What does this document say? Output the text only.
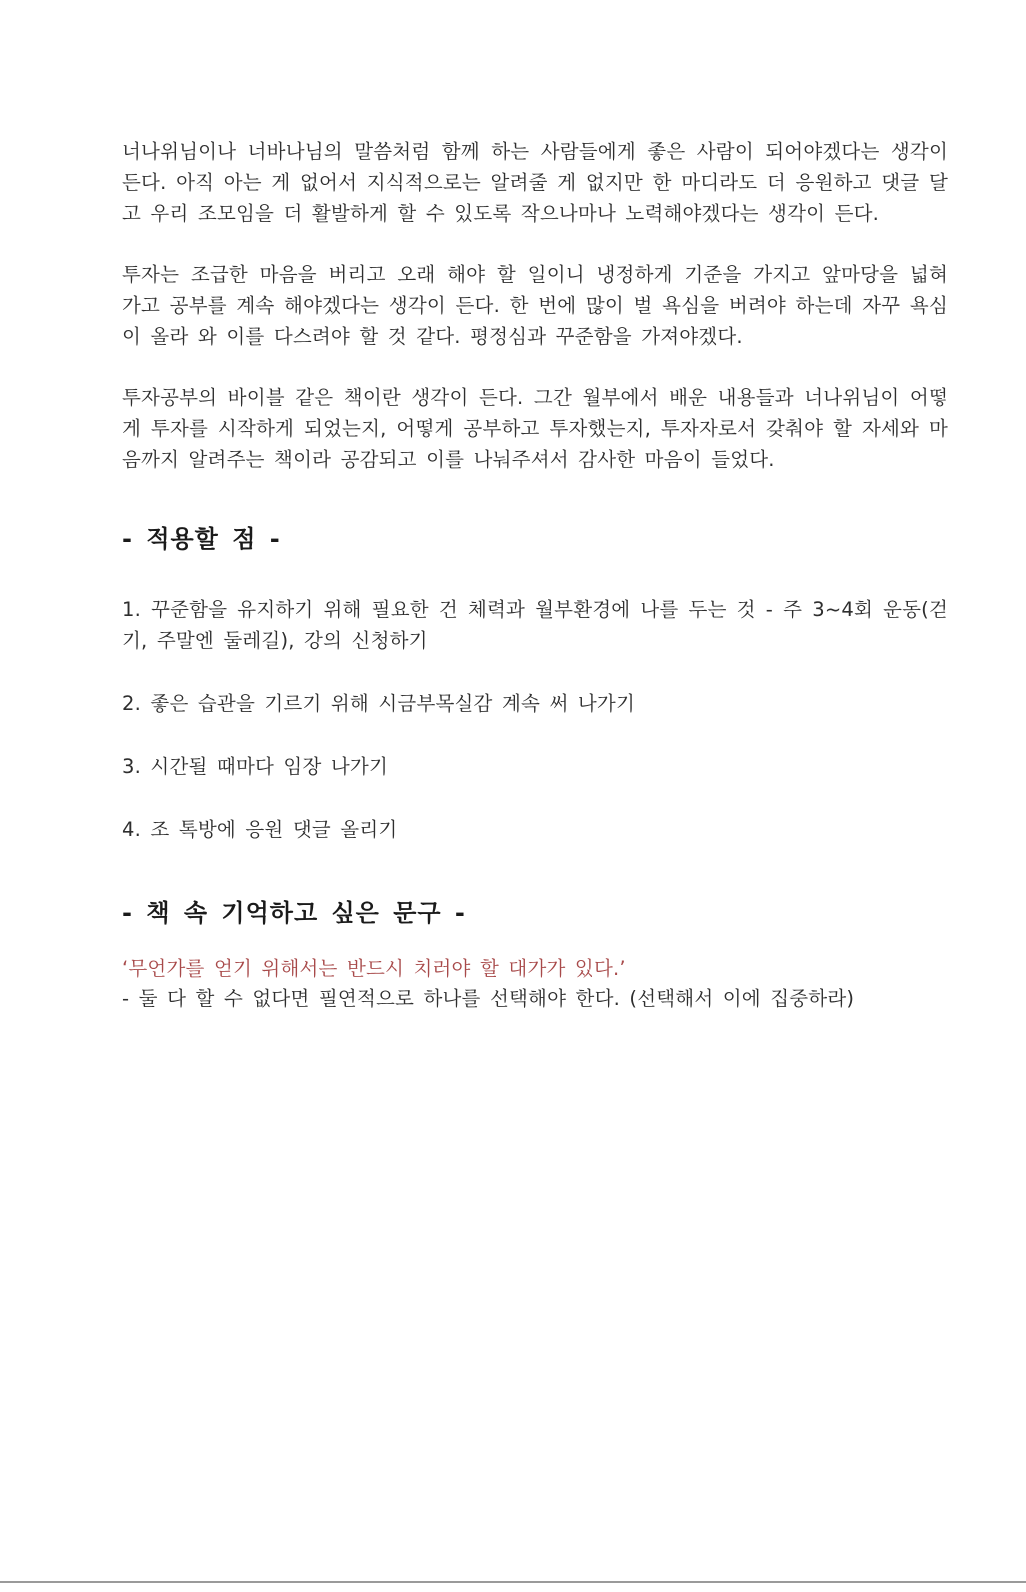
너나위님이나 너바나님의 말씀처럼 함께 하는 사람들에게 좋은 사람이 되어야겠다는 생각이 든다. 아직 아는 게 없어서 지식적으로는 알려줄 게 없지만 한 마디라도 더 응원하고 댓글 달고 우리 조모임을 더 활발하게 할 수 있도록 작으나마나 노력해야겠다는 생각이 든다.

투자는 조급한 마음을 버리고 오래 해야 할 일이니 냉정하게 기준을 가지고 앞마당을 넓혀 가고 공부를 계속 해야겠다는 생각이 든다. 한 번에 많이 벌 욕심을 버려야 하는데 자꾸 욕심이 올라 와 이를 다스려야 할 것 같다. 평정심과 꾸준함을 가져야겠다.

투자공부의 바이블 같은 책이란 생각이 든다. 그간 월부에서 배운 내용들과 너나위님이 어떻게 투자를 시작하게 되었는지, 어떻게 공부하고 투자했는지, 투자자로서 갖춰야 할 자세와 마음까지 알려주는 책이라 공감되고 이를 나눠주셔서 감사한 마음이 들었다.

- 적용할 점 -

1. 꾸준함을 유지하기 위해 필요한 건 체력과 월부환경에 나를 두는 것 - 주 3~4회 운동(걷기, 주말엔 둘레길), 강의 신청하기

2. 좋은 습관을 기르기 위해 시금부목실감 계속 써 나가기

3. 시간될 때마다 임장 나가기

4. 조 톡방에 응원 댓글 올리기

- 책 속 기억하고 싶은 문구 -

‘무언가를 얻기 위해서는 반드시 치러야 할 대가가 있다.’

- 둘 다 할 수 없다면 필연적으로 하나를 선택해야 한다. (선택해서 이에 집중하라)
